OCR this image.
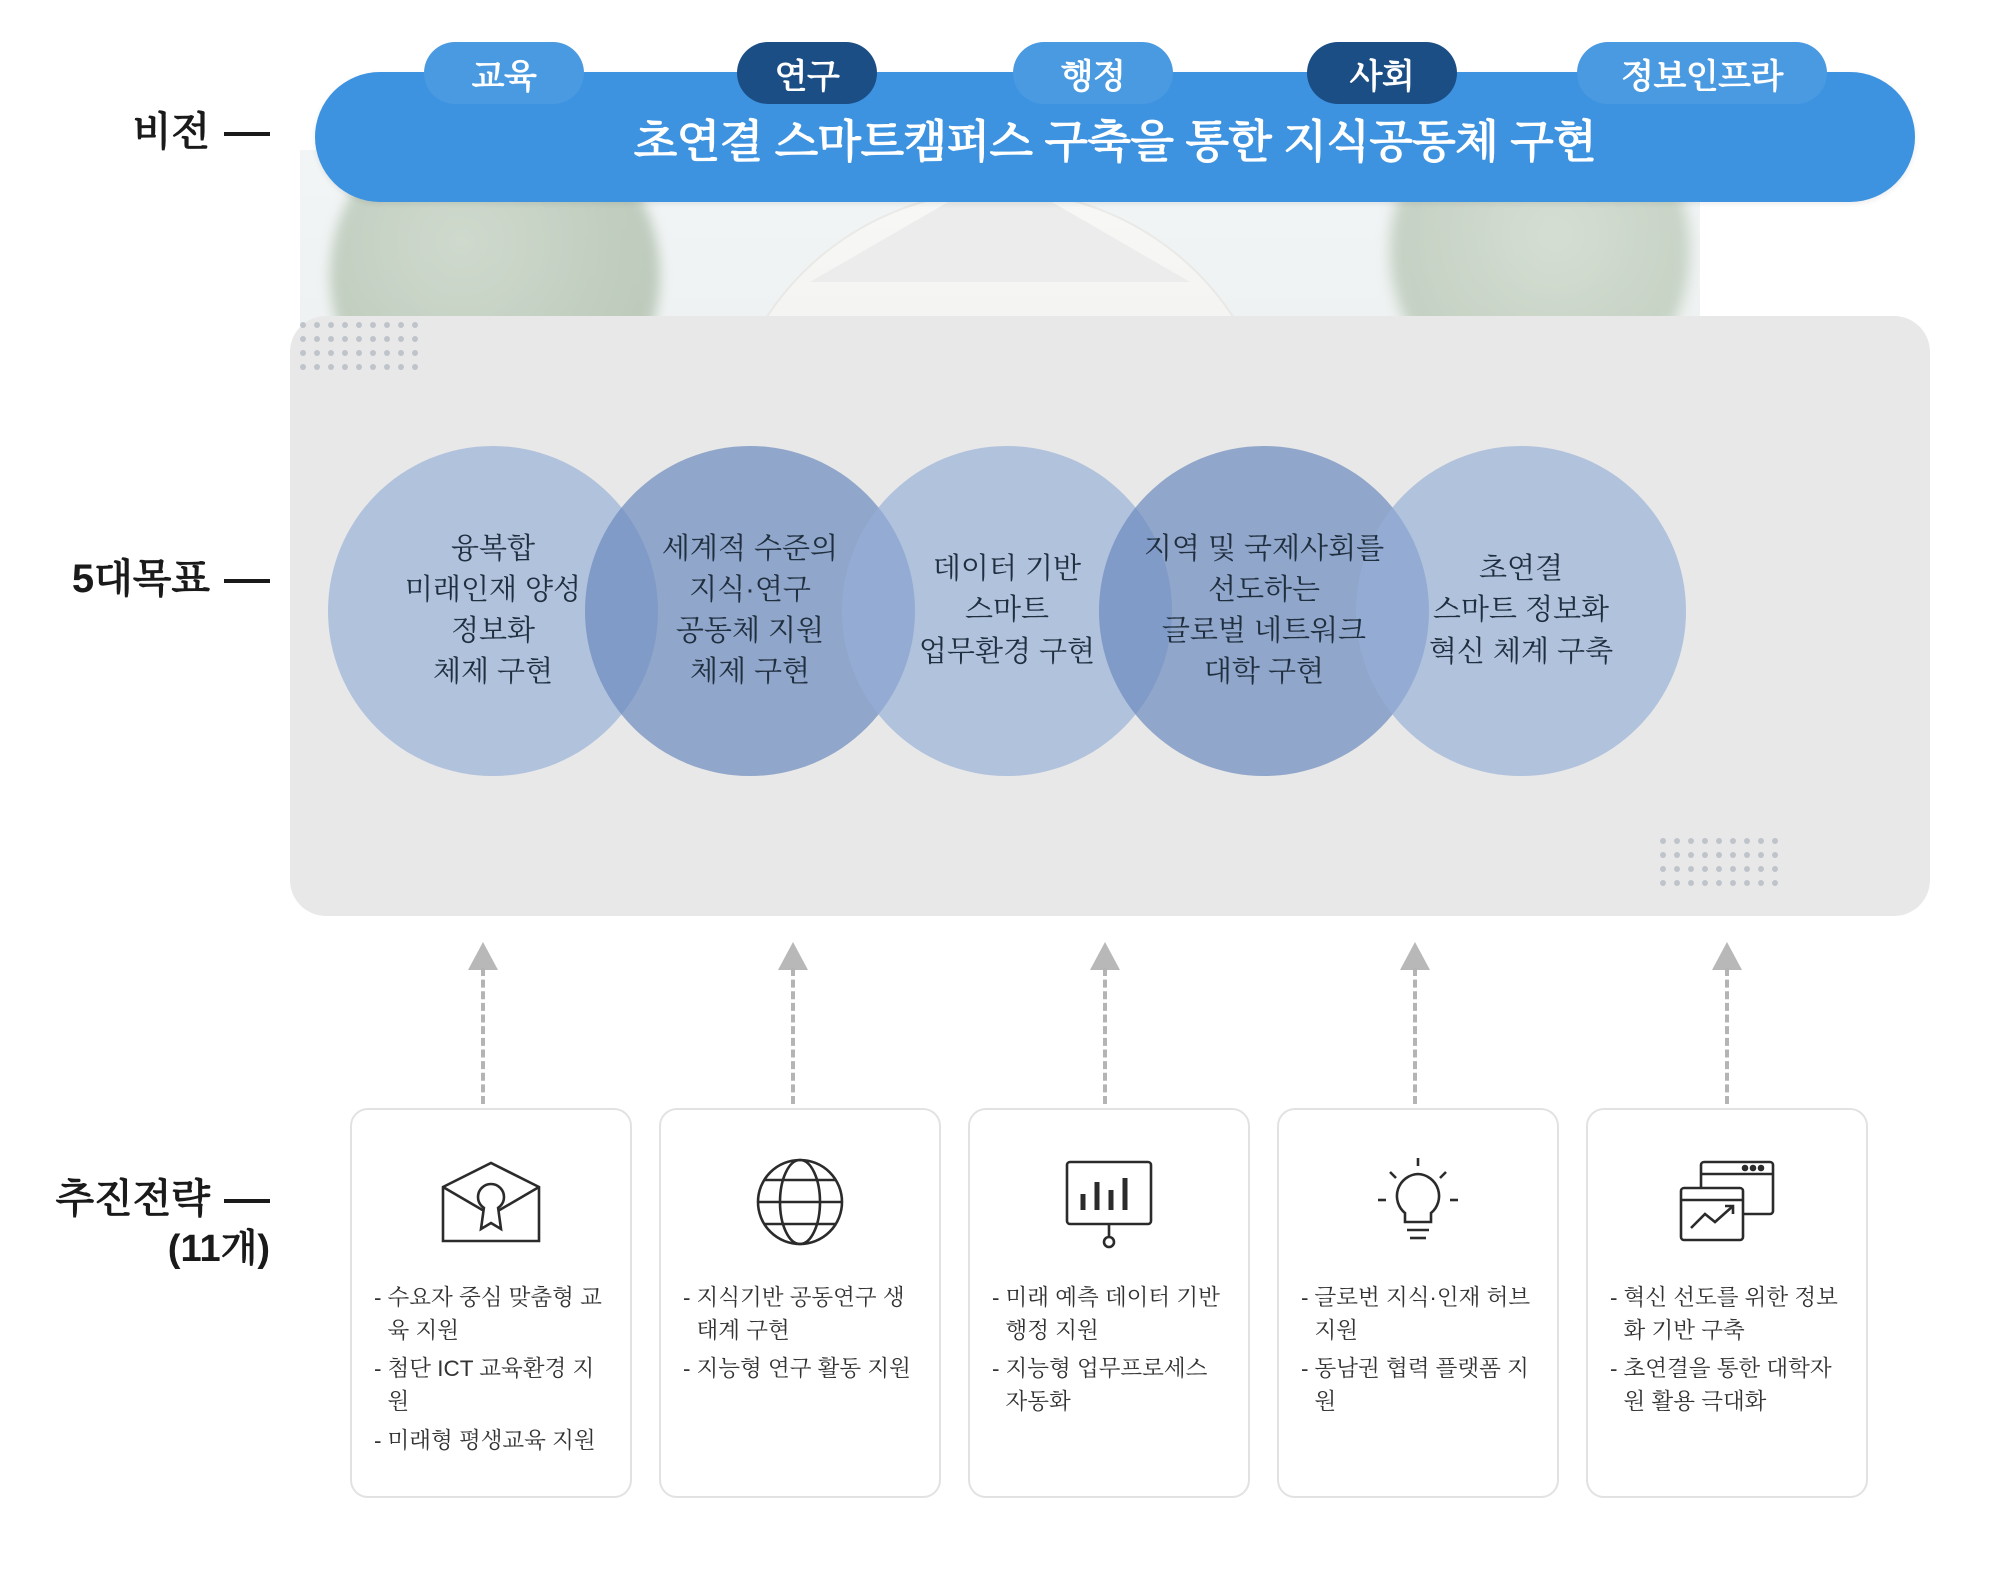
비전
5대목표
추진전략
(11개)
초연결 스마트캠퍼스 구축을 통한 지식공동체 구현
융복합
미래인재 양성
정보화
체제 구현
세계적 수준의
지식·연구
공동체 지원
체제 구현
데이터 기반
스마트
업무환경 구현
지역 및 국제사회를
선도하는
글로벌 네트워크
대학 구현
초연결
스마트 정보화
혁신 체계 구축
교육	연구	행정	사회	정보인프라
- 수요자 중심 맞춤형 교육 지원
- 첨단 ICT 교육환경 지원
- 미래형 평생교육 지원
- 지식기반 공동연구 생태계 구현
- 지능형 연구 활동 지원
- 미래 예측 데이터 기반 행정 지원
- 지능형 업무프로세스 자동화
- 글로번 지식·인재 허브 지원
- 동남권 협력 플랫폼 지원
- 혁신 선도를 위한 정보화 기반 구축
- 초연결을 통한 대학자원 활용 극대화
